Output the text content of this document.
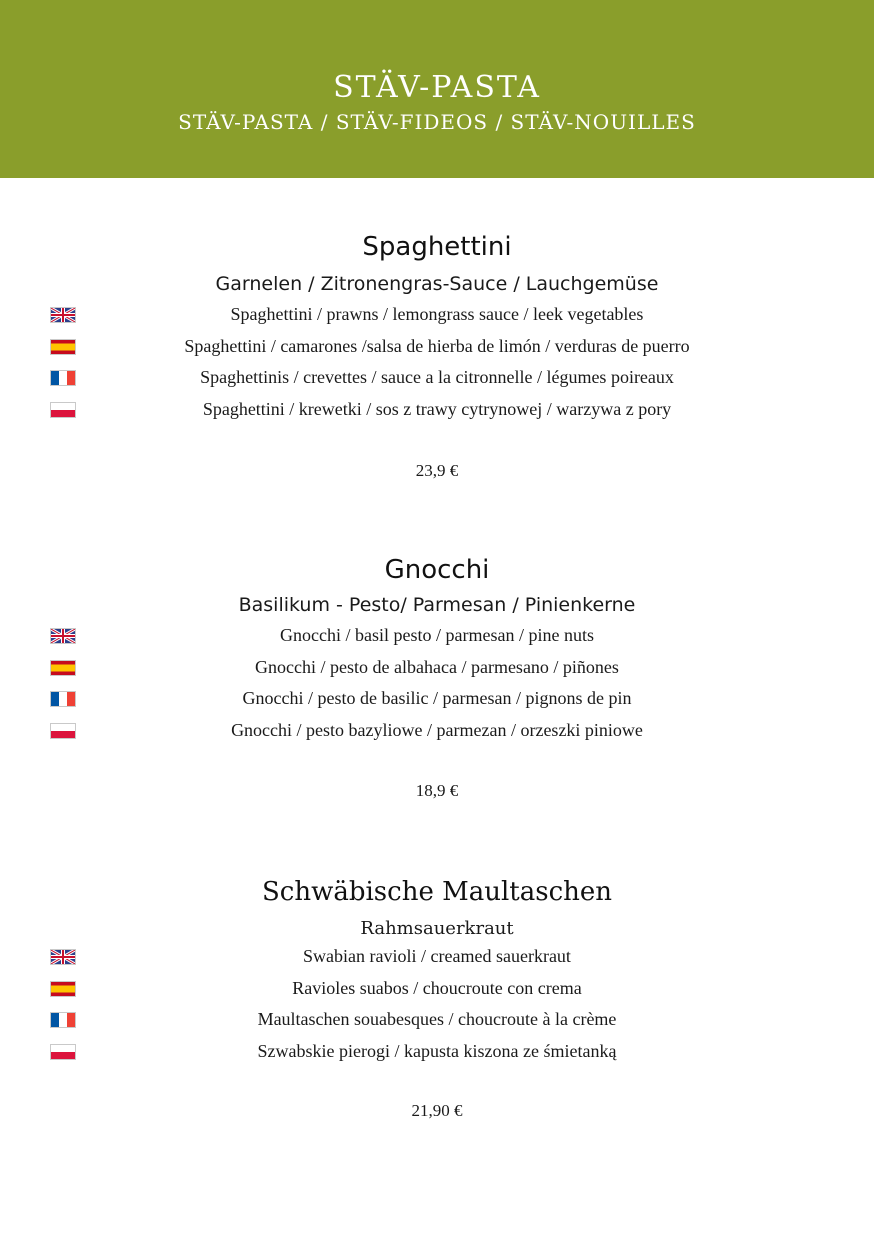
STÄV-PASTA
STÄV-PASTA / STÄV-FIDEOS / STÄV-NOUILLES
Spaghettini
Garnelen / Zitronengras-Sauce / Lauchgemüse
Spaghettini / prawns / lemongrass sauce / leek vegetables
Spaghettini / camarones /salsa de hierba de limón / verduras de puerro
Spaghettinis / crevettes / sauce a la citronnelle / légumes poireaux
Spaghettini / krewetki / sos z trawy cytrynowej / warzywa z pory
23,9 €
Gnocchi
Basilikum - Pesto/ Parmesan / Pinienkerne
Gnocchi / basil pesto / parmesan / pine nuts
Gnocchi / pesto de albahaca / parmesano / piñones
Gnocchi / pesto de basilic / parmesan / pignons de pin
Gnocchi / pesto bazyliowe / parmezan / orzeszki piniowe
18,9 €
Schwäbische Maultaschen
Rahmsauerkraut
Swabian ravioli / creamed sauerkraut
Ravioles suabos / choucroute con crema
Maultaschen souabesques / choucroute à la crème
Szwabskie pierogi / kapusta kiszona ze śmietanką
21,90 €
